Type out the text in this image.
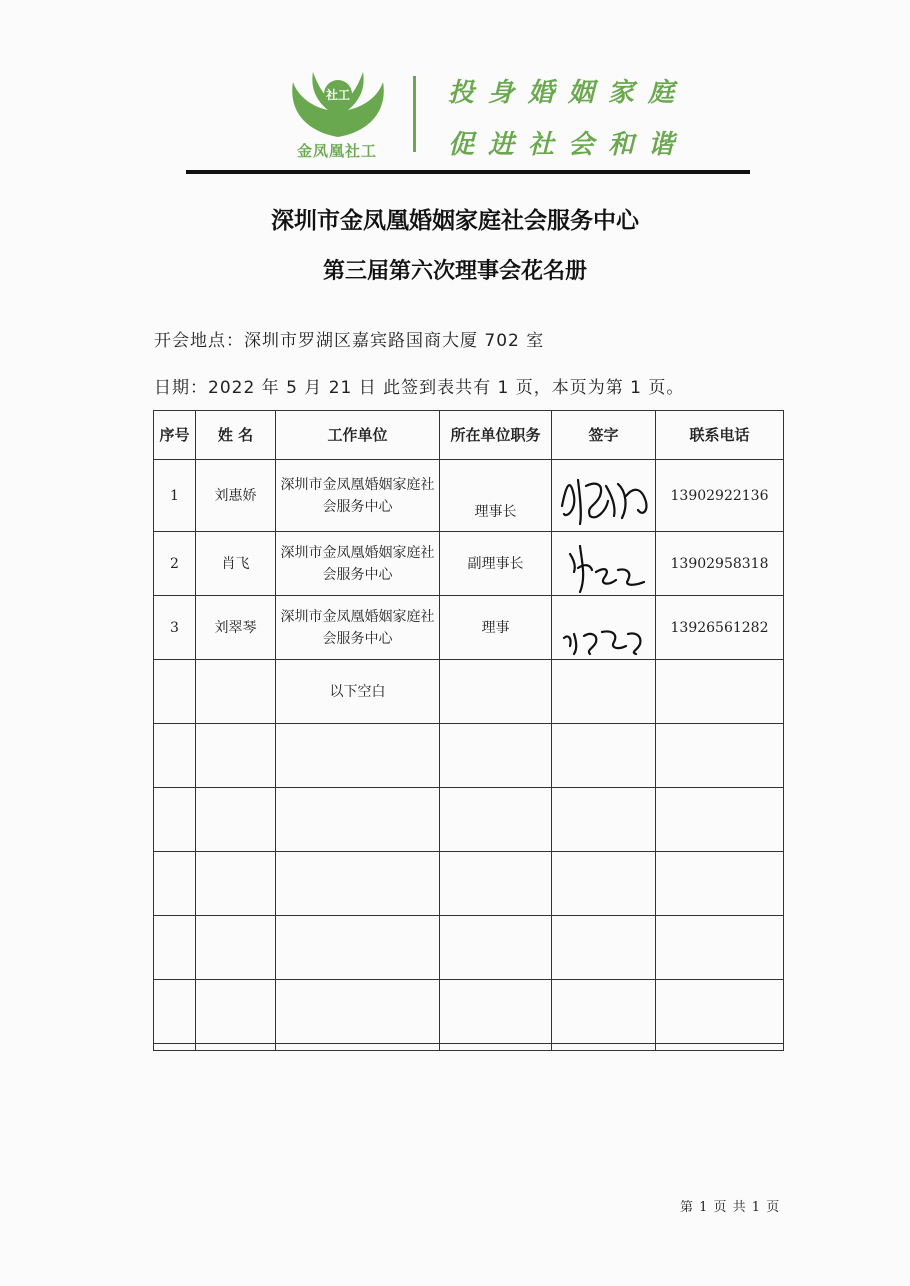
社工
金凤凰社工
投身婚姻家庭
促进社会和谐
深圳市金凤凰婚姻家庭社会服务中心
第三届第六次理事会花名册
开会地点：深圳市罗湖区嘉宾路国商大厦 702 室
日期：2022 年 5 月 21 日 此签到表共有 1 页，本页为第 1 页。
序号	姓 名	工作单位	所在单位职务	签字	联系电话
1	刘惠娇	深圳市金凤凰婚姻家庭社会服务中心	理事长		13902922136
2	肖飞	深圳市金凤凰婚姻家庭社会服务中心	副理事长		13902958318
3	刘翠琴	深圳市金凤凰婚姻家庭社会服务中心	理事		13926561282
		以下空白			

第 1 页 共 1 页
